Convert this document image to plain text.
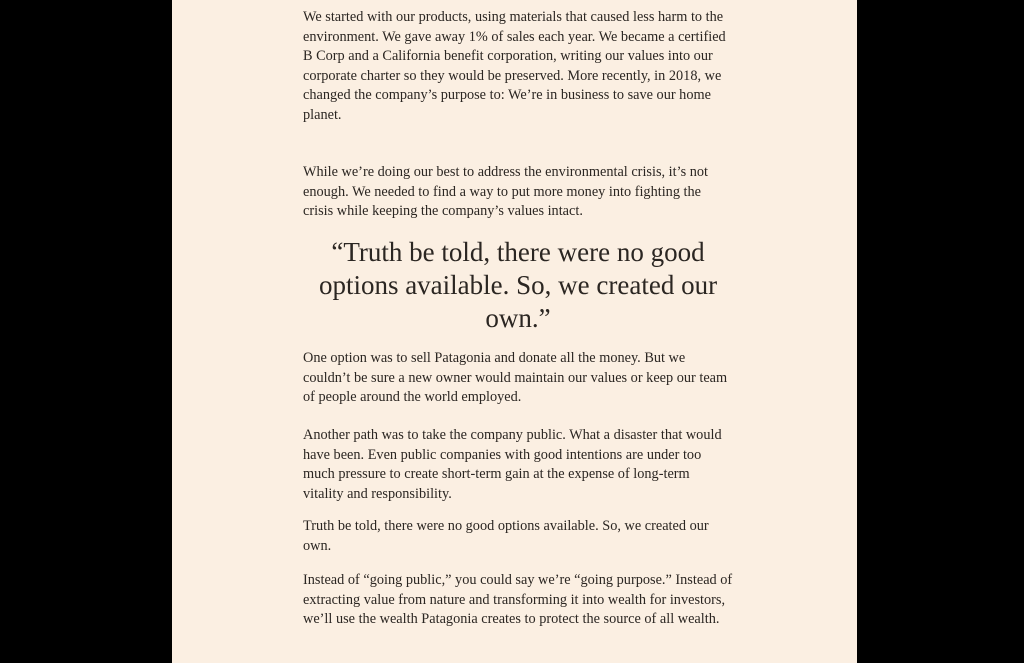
We started with our products, using materials that caused less harm to the environment. We gave away 1% of sales each year. We became a certified B Corp and a California benefit corporation, writing our values into our corporate charter so they would be preserved. More recently, in 2018, we changed the company’s purpose to: We’re in business to save our home planet.

While we’re doing our best to address the environmental crisis, it’s not enough. We needed to find a way to put more money into fighting the crisis while keeping the company’s values intact.

“Truth be told, there were no good options available. So, we created our own.”

One option was to sell Patagonia and donate all the money. But we couldn’t be sure a new owner would maintain our values or keep our team of people around the world employed.

Another path was to take the company public. What a disaster that would have been. Even public companies with good intentions are under too much pressure to create short-term gain at the expense of long-term vitality and responsibility.

Truth be told, there were no good options available. So, we created our own.

Instead of “going public,” you could say we’re “going purpose.” Instead of extracting value from nature and transforming it into wealth for investors, we’ll use the wealth Patagonia creates to protect the source of all wealth.
